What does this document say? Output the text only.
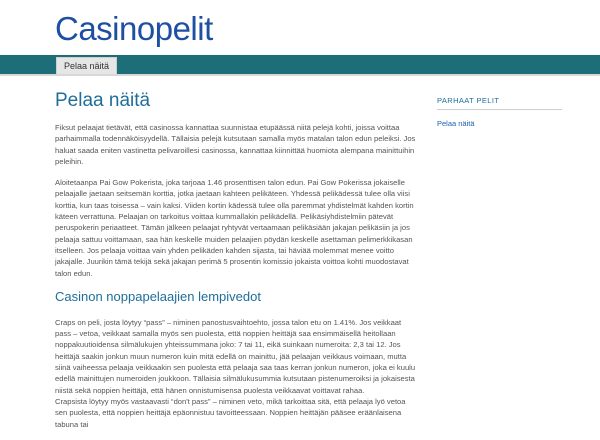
Casinopelit
Pelaa näitä
Pelaa näitä

Fiksut pelaajat tietävät, että casinossa kannattaa suunnistaa etupäässä niitä pelejä kohti, joissa voittaa parhaimmalla todennäköisyydellä. Tällaisia pelejä kutsutaan samalla myös matalan talon edun peleiksi. Jos haluat saada eniten vastinetta pelivaroillesi casinossa, kannattaa kiinnittää huomiota alempana mainittuihin peleihin.

Aloitetaanpa Pai Gow Pokerista, joka tarjoaa 1.46 prosenttisen talon edun. Pai Gow Pokerissa jokaiselle pelaajalle jaetaan seitsemän korttia, jotka jaetaan kahteen pelikäteen. Yhdessä pelikädessä tulee olla viisi korttia, kun taas toisessa – vain kaksi. Viiden kortin kädessä tulee olla paremmat yhdistelmät kahden kortin käteen verrattuna. Pelaajan on tarkoitus voittaa kummallakin pelikädellä. Pelikäsiyhdistelmiin pätevät peruspokerin periaatteet. Tämän jälkeen pelaajat ryhtyvät vertaamaan pelikäsiään jakajan pelikäsiin ja jos pelaaja sattuu voittamaan, saa hän keskelle muiden pelaajien pöydän keskelle asettaman pelimerkkikasan itselleen. Jos pelaaja voittaa vain yhden pelikäden kahden sijasta, tai häviää molemmat menee voitto jakajalle. Juurikin tämä tekijä sekä jakajan perimä 5 prosentin komissio jokaista voittoa kohti muodostavat talon edun.

Casinon noppapelaajien lempivedot

Craps on peli, josta löytyy “pass” – niminen panostusvaihtoehto, jossa talon etu on 1.41%. Jos veikkaat pass – vetoa, veikkaat samalla myös sen puolesta, että noppien heittäjä saa ensimmäisellä heitollaan noppakuutioidensa silmälukujen yhteissummana joko: 7 tai 11, eikä suinkaan numeroita: 2,3 tai 12. Jos heittäjä saakin jonkun muun numeron kuin mitä edellä on mainittu, jää pelaajan veikkaus voimaan, mutta siinä vaiheessa pelaaja veikkaakin sen puolesta että pelaaja saa taas kerran jonkun numeron, joka ei kuulu edellä mainittujen numeroiden joukkoon. Tällaisia silmälukusummia kutsutaan pistenumeroiksi ja jokaisesta niistä sekä noppien heittäjä, että hänen onnistumisensa puolesta veikkaavat voittavat rahaa.

Crapsista löytyy myös vastaavasti “don't pass” – niminen veto, mikä tarkoittaa sitä, että pelaaja lyö vetoa sen puolesta, että noppien heittäjä epäonnistuu tavoitteessaan. Noppien heittäjän pääsee eräänlaisena tabuna tai

PARHAAT PELIT
Pelaa näitä
